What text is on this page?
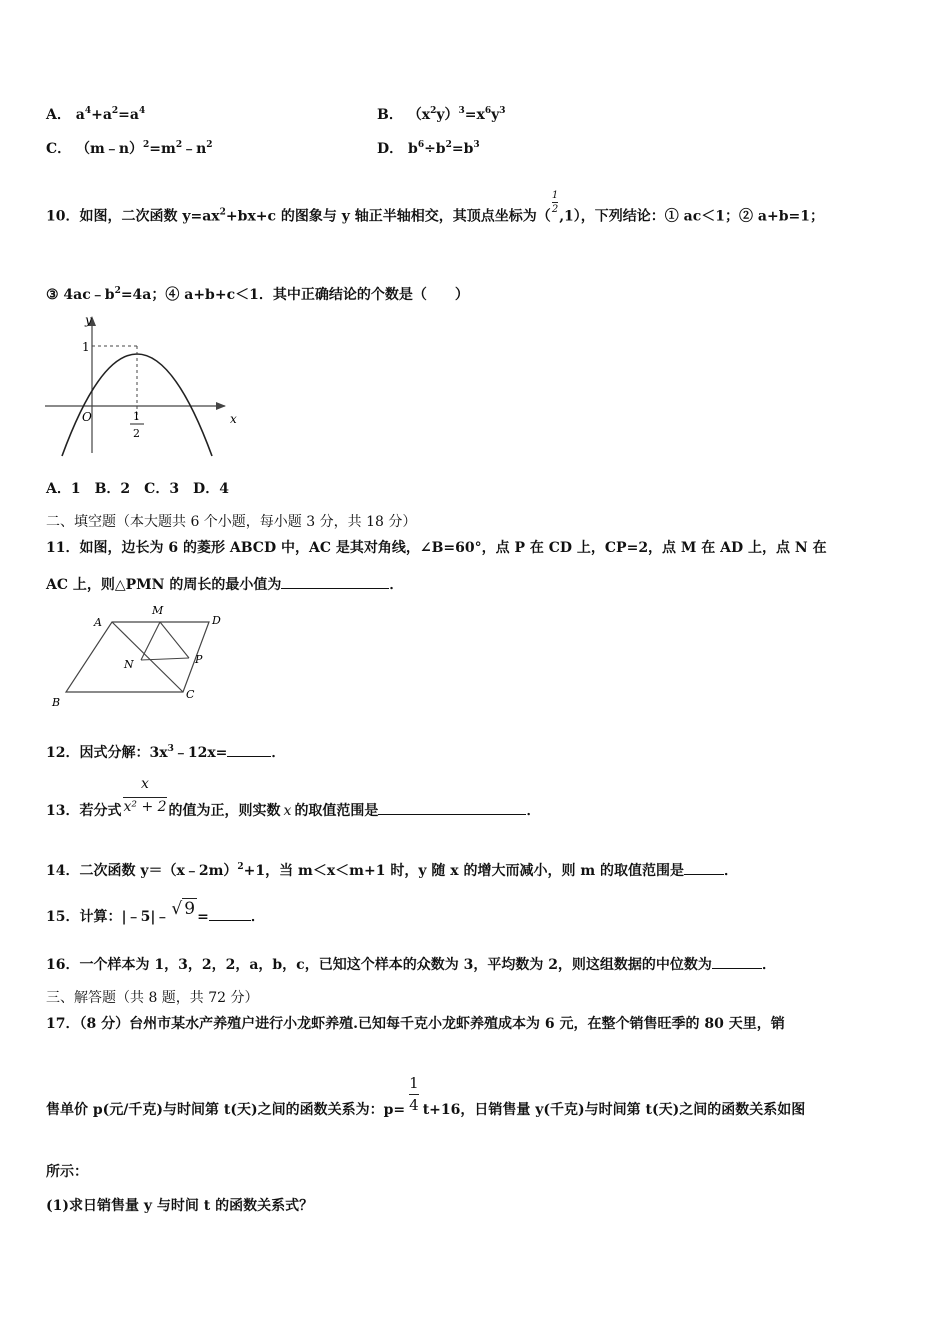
A． $a^4+a^2=a^4$	B． $(x^2y)^3=x^6y^3$
C． $(m﹣n)^2=m^2﹣n^2$	D． $b^6\div b^2=b^3$
10．如图，二次函数 $y=ax^2+bx+c$ 的图象与 y 轴正半轴相交，其顶点坐标为（
$\frac{1}{2}$
,1），下列结论：① ac＜1；② a+b=1；
③ $4ac﹣b^2=4a$；④ a+b+c＜1．其中正确结论的个数是（　　）
y
x
1
O	1
2
A．1　B．2　C．3　D．4
二、填空题（本大题共 6 个小题，每小题 3 分，共 18 分）
11．如图，边长为 6 的菱形 ABCD 中，AC 是其对角线，∠B=60°，点 P 在 CD 上，CP=2，点 M 在 AD 上，点 N 在
AC 上，则△PMN 的周长的最小值为	．
A
M
D
N	P
B
C
12．因式分解：$3x^3﹣12x=$	．
13．若分式 $\frac{x}{\text{x² + 2}}$ 的值为正，则实数 x 的取值范围是	．
14．二次函数 y＝（x﹣2m）$^2$+1，当 m＜x＜m+1 时，y 随 x 的增大而减小，则 m 的取值范围是	．
15．计算：|﹣5|﹣ √ 9 =	．
16．一个样本为 1，3，2，2，a，b，c，已知这个样本的众数为 3，平均数为 2，则这组数据的中位数为	．
三、解答题（共 8 题，共 72 分）
17．（8 分）台州市某水产养殖户进行小龙虾养殖.已知每千克小龙虾养殖成本为 6 元，在整个销售旺季的 80 天里，销
售单价 p(元/千克)与时间第 t(天)之间的函数关系为：$p= \frac{1}{4} t+16$，日销售量 y(千克)与时间第 t(天)之间的函数关系如图
所示：
(1)求日销售量 y 与时间 t 的函数关系式？
